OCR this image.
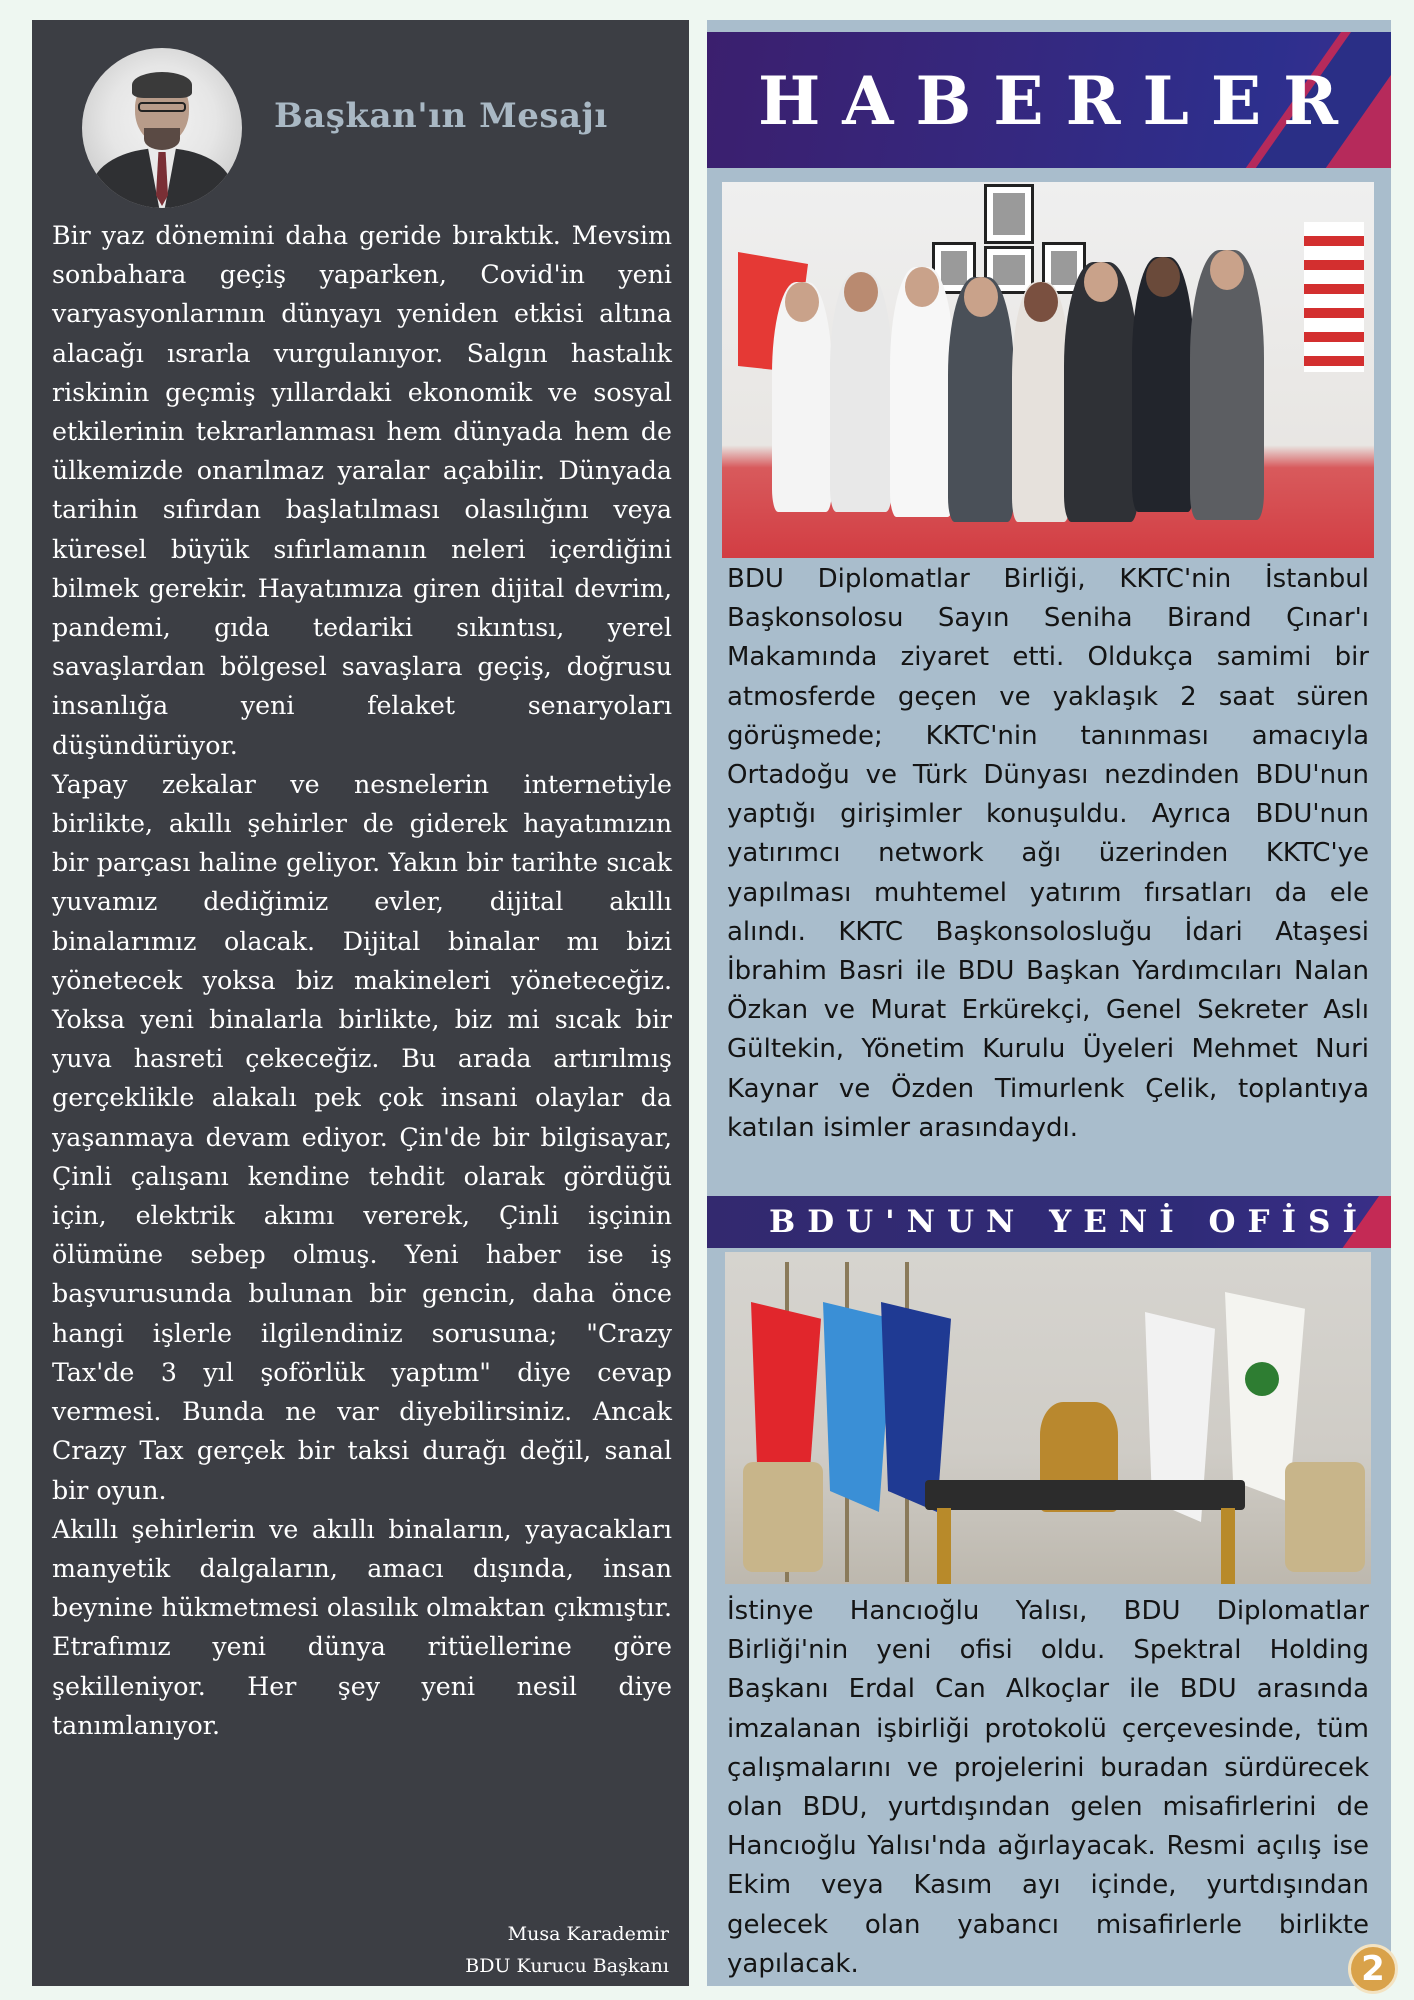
Başkan'ın Mesajı

Bir yaz dönemini daha geride bıraktık. Mevsim sonbahara geçiş yaparken, Covid'in yeni varyasyonlarının dünyayı yeniden etkisi altına alacağı ısrarla vurgulanıyor. Salgın hastalık riskinin geçmiş yıllardaki ekonomik ve sosyal etkilerinin tekrarlanması hem dünyada hem de ülkemizde onarılmaz yaralar açabilir. Dünyada tarihin sıfırdan başlatılması olasılığını veya küresel büyük sıfırlamanın neleri içerdiğini bilmek gerekir. Hayatımıza giren dijital devrim, pandemi, gıda tedariki sıkıntısı, yerel savaşlardan bölgesel savaşlara geçiş, doğrusu insanlığa yeni felaket senaryoları düşündürüyor.

Yapay zekalar ve nesnelerin internetiyle birlikte, akıllı şehirler de giderek hayatımızın bir parçası haline geliyor. Yakın bir tarihte sıcak yuvamız dediğimiz evler, dijital akıllı binalarımız olacak. Dijital binalar mı bizi yönetecek yoksa biz makineleri yöneteceğiz. Yoksa yeni binalarla birlikte, biz mi sıcak bir yuva hasreti çekeceğiz. Bu arada artırılmış gerçeklikle alakalı pek çok insani olaylar da yaşanmaya devam ediyor. Çin'de bir bilgisayar, Çinli çalışanı kendine tehdit olarak gördüğü için, elektrik akımı vererek, Çinli işçinin ölümüne sebep olmuş. Yeni haber ise iş başvurusunda bulunan bir gencin, daha önce hangi işlerle ilgilendiniz sorusuna; "Crazy Tax'de 3 yıl şoförlük yaptım" diye cevap vermesi. Bunda ne var diyebilirsiniz. Ancak Crazy Tax gerçek bir taksi durağı değil, sanal bir oyun.

Akıllı şehirlerin ve akıllı binaların, yayacakları manyetik dalgaların, amacı dışında, insan beynine hükmetmesi olasılık olmaktan çıkmıştır. Etrafımız yeni dünya ritüellerine göre şekilleniyor. Her şey yeni nesil diye tanımlanıyor.

Musa Karademir
BDU Kurucu Başkanı
HABERLER

BDU Diplomatlar Birliği, KKTC'nin İstanbul Başkonsolosu Sayın Seniha Birand Çınar'ı Makamında ziyaret etti. Oldukça samimi bir atmosferde geçen ve yaklaşık 2 saat süren görüşmede; KKTC'nin tanınması amacıyla Ortadoğu ve Türk Dünyası nezdinden BDU'nun yaptığı girişimler konuşuldu. Ayrıca BDU'nun yatırımcı network ağı üzerinden KKTC'ye yapılması muhtemel yatırım fırsatları da ele alındı. KKTC Başkonsolosluğu İdari Ataşesi İbrahim Basri ile BDU Başkan Yardımcıları Nalan Özkan ve Murat Erkürekçi, Genel Sekreter Aslı Gültekin, Yönetim Kurulu Üyeleri Mehmet Nuri Kaynar ve Özden Timurlenk Çelik, toplantıya katılan isimler arasındaydı.

BDU'NUN YENİ OFİSİ

İstinye Hancıoğlu Yalısı, BDU Diplomatlar Birliği'nin yeni ofisi oldu. Spektral Holding Başkanı Erdal Can Alkoçlar ile BDU arasında imzalanan işbirliği protokolü çerçevesinde, tüm çalışmalarını ve projelerini buradan sürdürecek olan BDU, yurtdışından gelen misafirlerini de Hancıoğlu Yalısı'nda ağırlayacak. Resmi açılış ise Ekim veya Kasım ayı içinde, yurtdışından gelecek olan yabancı misafirlerle birlikte yapılacak.	2
